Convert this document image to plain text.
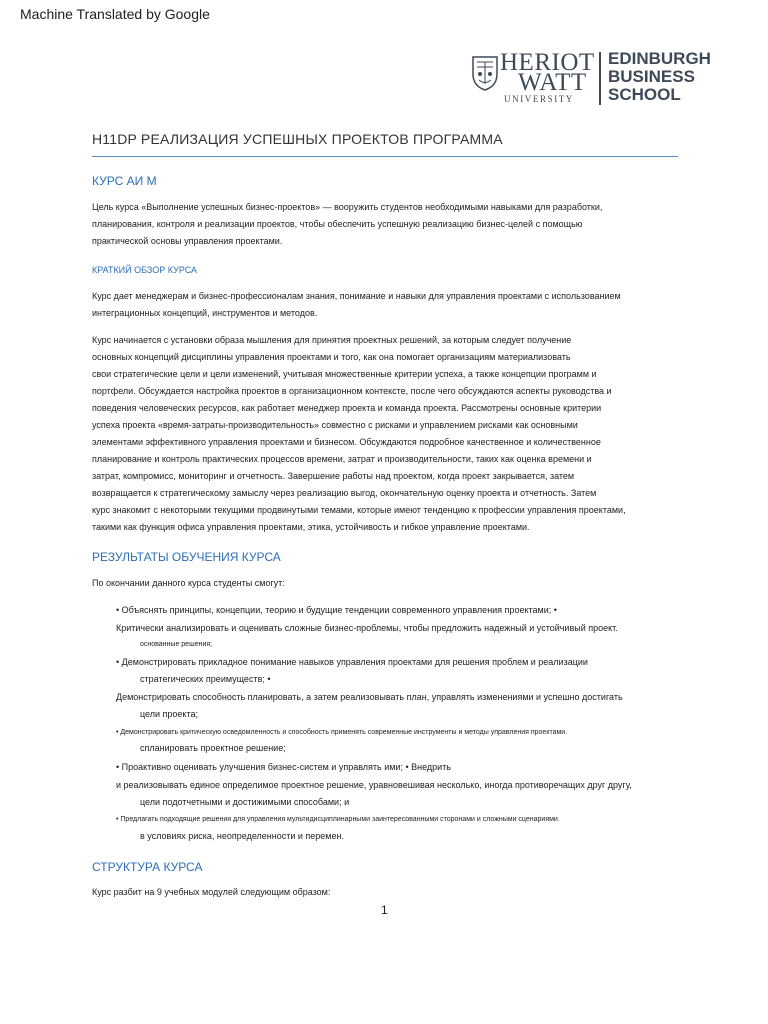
Machine Translated by Google
HERIOT
WATT
UNIVERSITY
EDINBURGH
BUSINESS
SCHOOL
H11DP РЕАЛИЗАЦИЯ УСПЕШНЫХ ПРОЕКТОВ ПРОГРАММА
КУРС АИ М
Цель курса «Выполнение успешных бизнес-проектов» — вооружить студентов необходимыми навыками для разработки,
планирования, контроля и реализации проектов, чтобы обеспечить успешную реализацию бизнес-целей с помощью
практической основы управления проектами.
КРАТКИЙ ОБЗОР КУРСА
Курс дает менеджерам и бизнес-профессионалам знания, понимание и навыки для управления проектами с использованием
интеграционных концепций, инструментов и методов.
Курс начинается с установки образа мышления для принятия проектных решений, за которым следует получение
основных концепций дисциплины управления проектами и того, как она помогает организациям материализовать
свои стратегические цели и цели изменений, учитывая множественные критерии успеха, а также концепции программ и
портфели. Обсуждается настройка проектов в организационном контексте, после чего обсуждаются аспекты руководства и
поведения человеческих ресурсов, как работает менеджер проекта и команда проекта. Рассмотрены основные критерии
успеха проекта «время-затраты-производительность» совместно с рисками и управлением рисками как основными
элементами эффективного управления проектами и бизнесом. Обсуждаются подробное качественное и количественное
планирование и контроль практических процессов времени, затрат и производительности, таких как оценка времени и
затрат, компромисс, мониторинг и отчетность. Завершение работы над проектом, когда проект закрывается, затем
возвращается к стратегическому замыслу через реализацию выгод, окончательную оценку проекта и отчетность. Затем
курс знакомит с некоторыми текущими продвинутыми темами, которые имеют тенденцию к профессии управления проектами,
такими как функция офиса управления проектами, этика, устойчивость и гибкое управление проектами.
РЕЗУЛЬТАТЫ ОБУЧЕНИЯ КУРСА
По окончании данного курса студенты смогут:
• Объяснять принципы, концепции, теорию и будущие тенденции современного управления проектами; •
Критически анализировать и оценивать сложные бизнес-проблемы, чтобы предложить надежный и устойчивый проект.
основанные решения;
• Демонстрировать прикладное понимание навыков управления проектами для решения проблем и реализации
стратегических преимуществ; •
Демонстрировать способность планировать, а затем реализовывать план, управлять изменениями и успешно достигать
цели проекта;
• Демонстрировать критическую осведомленность и способность применять современные инструменты и методы управления проектами.
спланировать проектное решение;
• Проактивно оценивать улучшения бизнес-систем и управлять ими; • Внедрить
и реализовывать единое определимое проектное решение, уравновешивая несколько, иногда противоречащих друг другу,
цели подотчетными и достижимыми способами; и
• Предлагать подходящие решения для управления мультидисциплинарными заинтересованными сторонами и сложными сценариями.
в условиях риска, неопределенности и перемен.
СТРУКТУРА КУРСА
Курс разбит на 9 учебных модулей следующим образом:
1
